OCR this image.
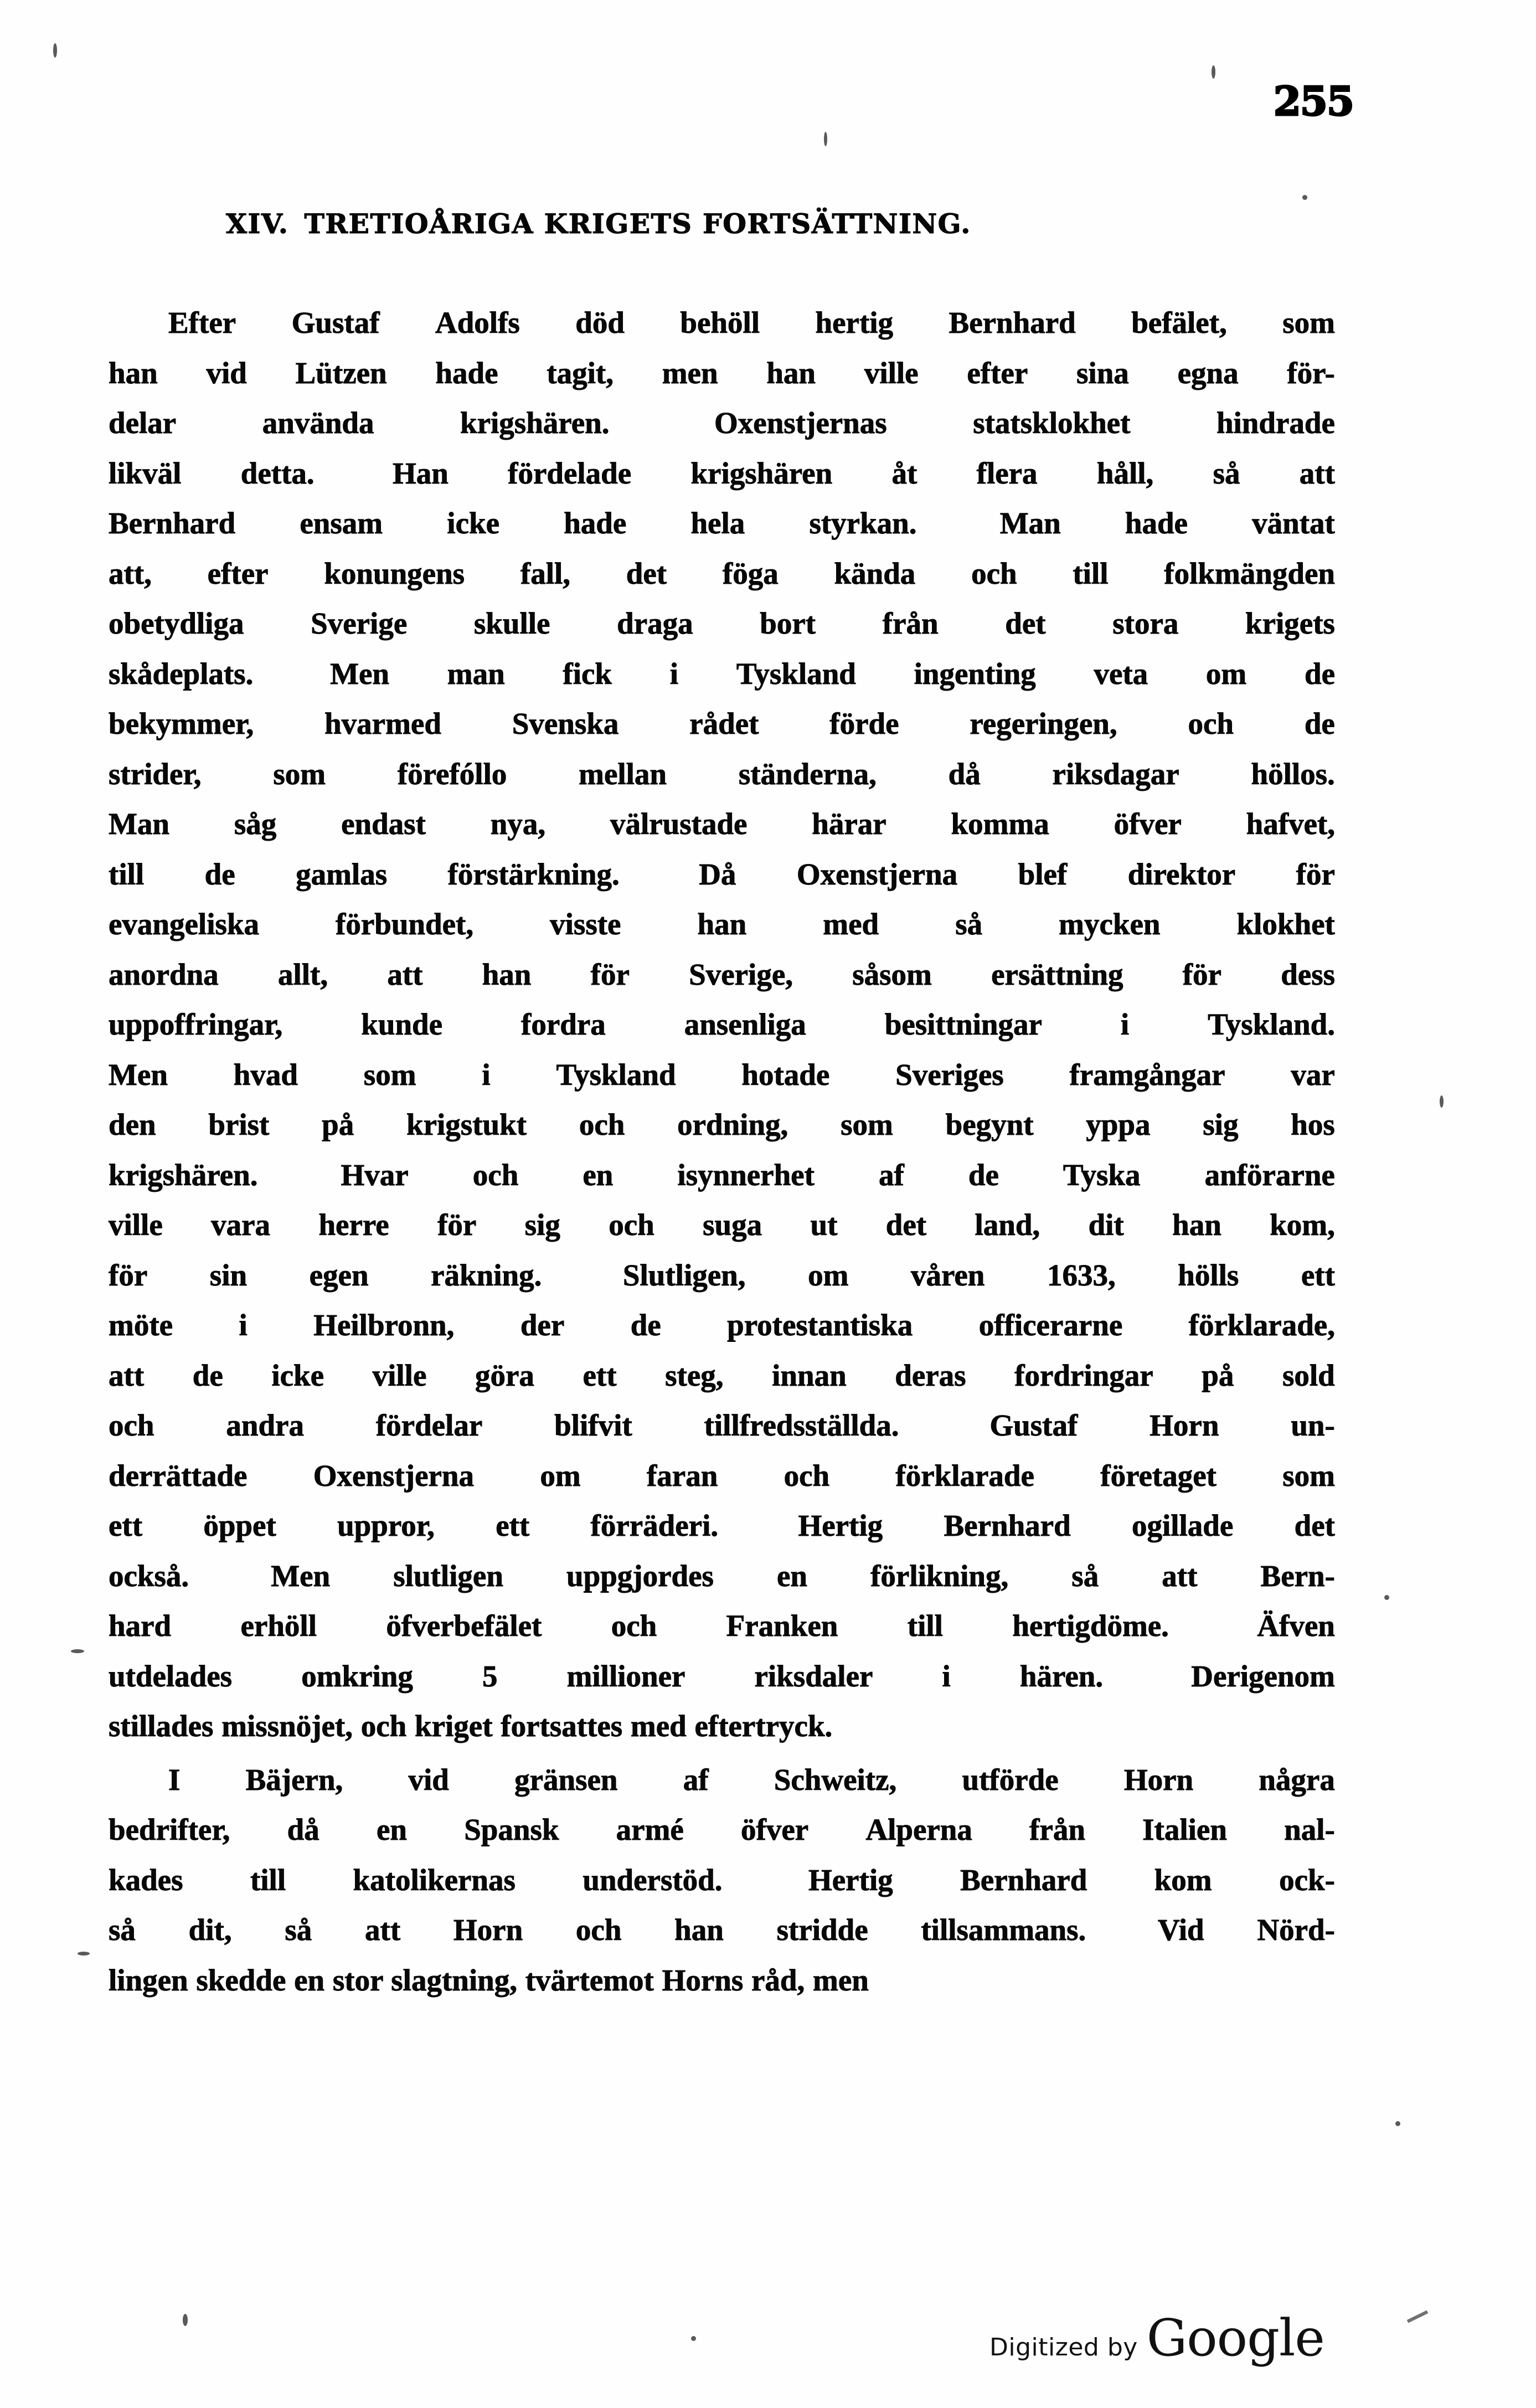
255
XIV. TRETIOÅRIGA KRIGETS FORTSÄTTNING.

Efter
Gustaf
Adolfs
död
behöll
hertig
Bernhard
befälet,
som
han
vid
Lützen
hade
tagit,
men
han
ville
efter
sina
egna
för-
delar
	använda
	krigshären.
	Oxenstjernas
	statsklokhet
	hindrade
likväl
detta.
	Han
fördelade
krigshären
åt
flera
håll,
så
att
Bernhard
ensam
icke
hade
hela
styrkan.
	Man
hade
väntat
att,
efter
konungens
fall,
det
föga
kända
och
till
folkmängden
obetydliga
Sverige
skulle
draga
bort
från
det
stora
krigets
skådeplats.
	Men
man
fick
i
Tyskland
ingenting
veta
om
de
bekymmer,
hvarmed
Svenska
rådet
förde
regeringen,
och
de
strider,
som
förefóllo
mellan
ständerna,
då
riksdagar
höllos.
Man
såg
endast
nya,
välrustade
härar
komma
öfver
hafvet,
till
de
gamlas
förstärkning.
	Då
Oxenstjerna
blef
direktor
för
evangeliska
	förbundet,
	visste
	han
	med
	så
	mycken
	klokhet
anordna
allt,
att
han
för
Sverige,
såsom
ersättning
för
dess
uppoffringar,
	kunde
	fordra
	ansenliga
	besittningar
	i
	Tyskland.
Men
hvad
som
i
Tyskland
hotade
Sveriges
framgångar
var
den
brist
på
krigstukt
och
ordning,
som
begynt
yppa
sig
hos
krigshären.
	Hvar
och
en
isynnerhet
af
de
Tyska
anförarne
ville
vara
herre
för
sig
och
suga
ut
det
land,
dit
han
kom,
för
sin
egen
räkning.
	Slutligen,
om
våren
1633,
hölls
ett
möte
i
Heilbronn,
der
de
protestantiska
officerarne
förklarade,
att
de
icke
ville
göra
ett
steg,
innan
deras
fordringar
på
sold
och
andra
fördelar
blifvit
tillfredsställda.
	Gustaf
Horn
un-
derrättade
Oxenstjerna
om
faran
och
förklarade
företaget
som
ett
öppet
uppror,
ett
förräderi.
	Hertig
Bernhard
ogillade
det
också.
	Men
slutligen
uppgjordes
en
förlikning,
så
att
Bern-
hard
erhöll
öfverbefälet
och
Franken
till
hertigdöme.
	Äfven
utdelades
omkring
5
millioner
riksdaler
i
hären.
	Derigenom
stillades missnöjet, och kriget fortsattes med eftertryck.

I
Bäjern,
vid
gränsen
af
Schweitz,
utförde
Horn
några
bedrifter,
då
en
Spansk
armé
öfver
Alperna
från
Italien
nal-
kades
till
katolikernas
understöd.
	Hertig
Bernhard
kom
ock-
så
dit,
så
att
Horn
och
han
stridde
tillsammans.
Vid
Nörd-
lingen skedde en stor slagtning, tvärtemot Horns råd, men

Digitized by Google
